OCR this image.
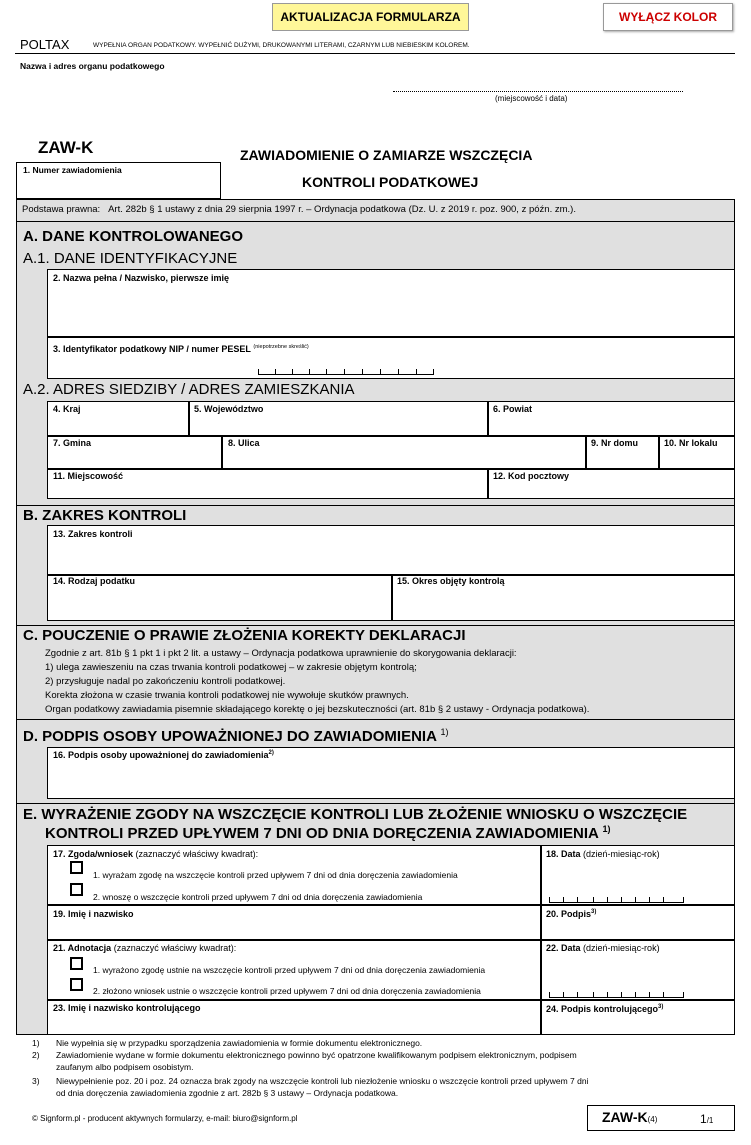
AKTUALIZACJA FORMULARZA	WYŁĄCZ KOLOR
POLTAX	WYPEŁNIA ORGAN PODATKOWY. WYPEŁNIĆ DUŻYMI, DRUKOWANYMI LITERAMI, CZARNYM LUB NIEBIESKIM KOLOREM.
Nazwa i adres organu podatkowego
(miejscowość i data)
ZAW-K	ZAWIADOMIENIE O ZAMIARZE WSZCZĘCIA
KONTROLI PODATKOWEJ
1. Numer zawiadomienia
Podstawa prawna: Art. 282b § 1 ustawy z dnia 29 sierpnia 1997 r. – Ordynacja podatkowa (Dz. U. z 2019 r. poz. 900, z późn. zm.).
A. DANE KONTROLOWANEGO
A.1. DANE IDENTYFIKACYJNE
2. Nazwa pełna / Nazwisko, pierwsze imię
3. Identyfikator podatkowy NIP / numer PESEL $^{(niepotrzebne skreślić)}$
A.2. ADRES SIEDZIBY / ADRES ZAMIESZKANIA
4. Kraj	5. Województwo	6. Powiat
7. Gmina	8. Ulica	9. Nr domu	10. Nr lokalu
11. Miejscowość	12. Kod pocztowy
B. ZAKRES KONTROLI
13. Zakres kontroli
14. Rodzaj podatku	15. Okres objęty kontrolą
C. POUCZENIE O PRAWIE ZŁOŻENIA KOREKTY DEKLARACJI
Zgodnie z art. 81b § 1 pkt 1 i pkt 2 lit. a ustawy – Ordynacja podatkowa uprawnienie do skorygowania deklaracji:
1) ulega zawieszeniu na czas trwania kontroli podatkowej – w zakresie objętym kontrolą;
2) przysługuje nadal po zakończeniu kontroli podatkowej.
Korekta złożona w czasie trwania kontroli podatkowej nie wywołuje skutków prawnych.
Organ podatkowy zawiadamia pisemnie składającego korektę o jej bezskuteczności (art. 81b § 2 ustawy - Ordynacja podatkowa).
D. PODPIS OSOBY UPOWAŻNIONEJ DO ZAWIADOMIENIA $^{1)}$
16. Podpis osoby upoważnionej do zawiadomienia$^{2)}$
E. WYRAŻENIE ZGODY NA WSZCZĘCIE KONTROLI LUB ZŁOŻENIE WNIOSKU O WSZCZĘCIE
KONTROLI PRZED UPŁYWEM 7 DNI OD DNIA DORĘCZENIA ZAWIADOMIENIA $^{1)}$
17. Zgoda/wniosek (zaznaczyć właściwy kwadrat):
1. wyrażam zgodę na wszczęcie kontroli przed upływem 7 dni od dnia doręczenia zawiadomienia
2. wnoszę o wszczęcie kontroli przed upływem 7 dni od dnia doręczenia zawiadomienia
18. Data (dzień-miesiąc-rok)
19. Imię i nazwisko	20. Podpis$^{3)}$
21. Adnotacja (zaznaczyć właściwy kwadrat):
1. wyrażono zgodę ustnie na wszczęcie kontroli przed upływem 7 dni od dnia doręczenia zawiadomienia
2. złożono wniosek ustnie o wszczęcie kontroli przed upływem 7 dni od dnia doręczenia zawiadomienia
22. Data (dzień-miesiąc-rok)
23. Imię i nazwisko kontrolującego	24. Podpis kontrolującego$^{3)}$
1) Nie wypełnia się w przypadku sporządzenia zawiadomienia w formie dokumentu elektronicznego.
2) Zawiadomienie wydane w formie dokumentu elektronicznego powinno być opatrzone kwalifikowanym podpisem elektronicznym, podpisem
zaufanym albo podpisem osobistym.
3) Niewypełnienie poz. 20 i poz. 24 oznacza brak zgody na wszczęcie kontroli lub niezłożenie wniosku o wszczęcie kontroli przed upływem 7 dni
od dnia doręczenia zawiadomienia zgodnie z art. 282b § 3 ustawy – Ordynacja podatkowa.
© Signform.pl - producent aktywnych formularzy, e-mail: biuro@signform.pl	ZAW-K(4)	1/1
